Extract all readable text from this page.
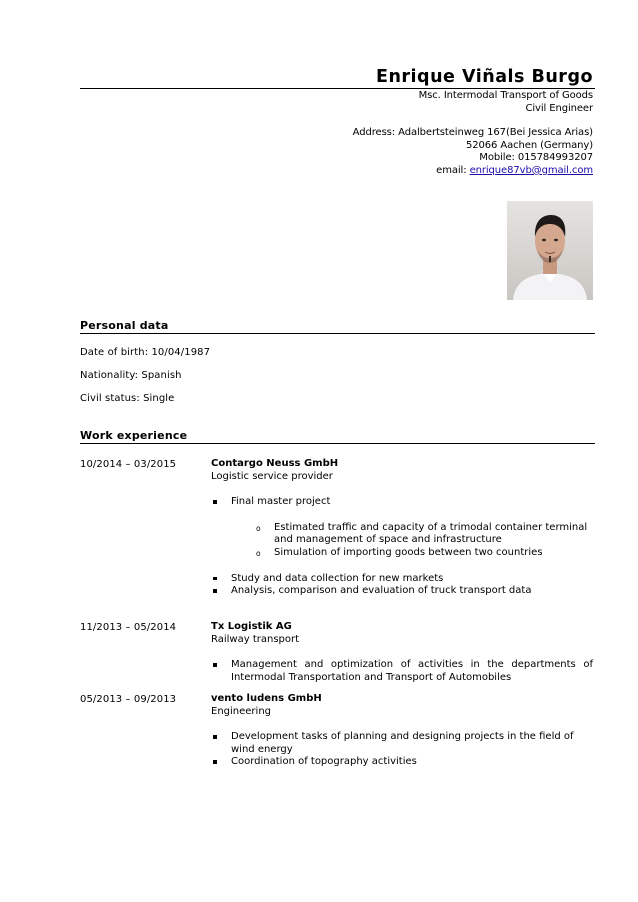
Enrique Viñals Burgo
Msc. Intermodal Transport of Goods
Civil Engineer
Address: Adalbertsteinweg 167(Bei Jessica Arias)
52066 Aachen (Germany)
Mobile: 015784993207
email: enrique87vb@gmail.com
Personal data
Date of birth: 10/04/1987
Nationality: Spanish
Civil status: Single
Work experience
10/2014 – 03/2015	Contargo Neuss GmbH
Logistic service provider
Final master project
o Estimated traffic and capacity of a trimodal container terminal and management of space and infrastructure
o Simulation of importing goods between two countries
Study and data collection for new markets
Analysis, comparison and evaluation of truck transport data
11/2013 – 05/2014	Tx Logistik AG
Railway transport
Management and optimization of activities in the departments of Intermodal Transportation and Transport of Automobiles
05/2013 – 09/2013	vento ludens GmbH
Engineering
Development tasks of planning and designing projects in the field of wind energy
Coordination of topography activities
